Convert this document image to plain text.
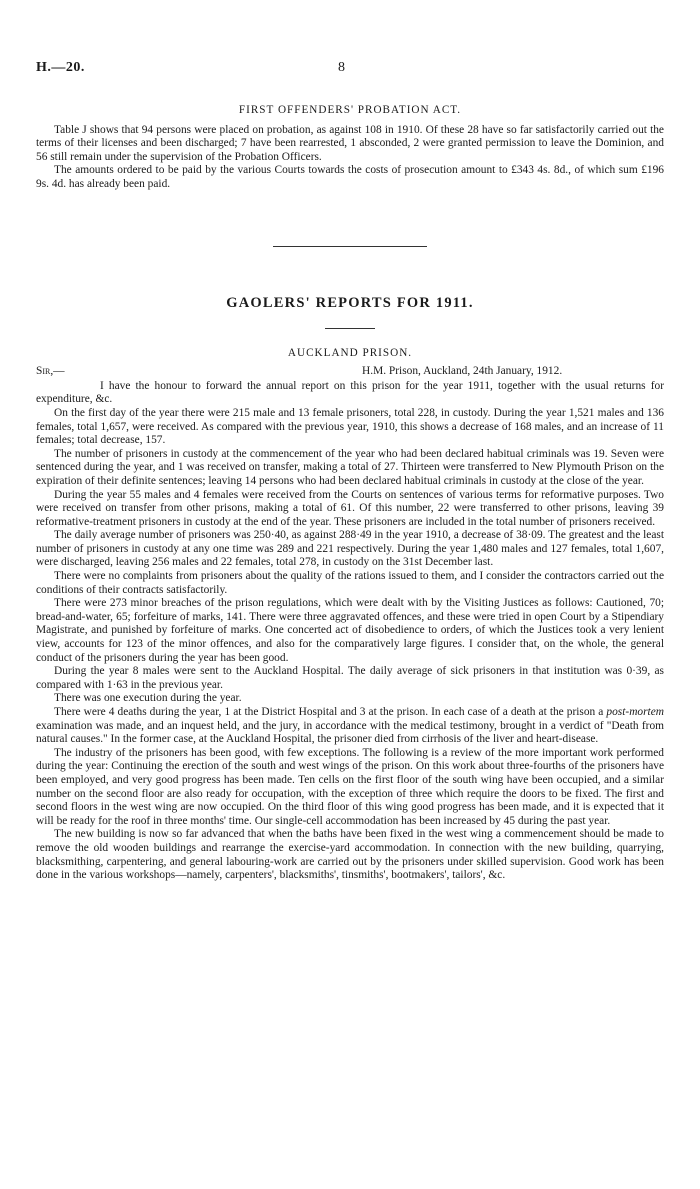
H.—20.	8
FIRST OFFENDERS' PROBATION ACT.

Table J shows that 94 persons were placed on probation, as against 108 in 1910. Of these 28 have so far satisfactorily carried out the terms of their licenses and been discharged; 7 have been rearrested, 1 absconded, 2 were granted permission to leave the Dominion, and 56 still remain under the supervision of the Probation Officers.

The amounts ordered to be paid by the various Courts towards the costs of prosecution amount to £343 4s. 8d., of which sum £196 9s. 4d. has already been paid.

GAOLERS' REPORTS FOR 1911.
AUCKLAND PRISON.
Sir,—	H.M. Prison, Auckland, 24th January, 1912.

I have the honour to forward the annual report on this prison for the year 1911, together with the usual returns for expenditure, &c.

On the first day of the year there were 215 male and 13 female prisoners, total 228, in custody. During the year 1,521 males and 136 females, total 1,657, were received. As compared with the previous year, 1910, this shows a decrease of 168 males, and an increase of 11 females; total decrease, 157.

The number of prisoners in custody at the commencement of the year who had been declared habitual criminals was 19. Seven were sentenced during the year, and 1 was received on transfer, making a total of 27. Thirteen were transferred to New Plymouth Prison on the expiration of their definite sentences; leaving 14 persons who had been declared habitual criminals in custody at the close of the year.

During the year 55 males and 4 females were received from the Courts on sentences of various terms for reformative purposes. Two were received on transfer from other prisons, making a total of 61. Of this number, 22 were transferred to other prisons, leaving 39 reformative-treatment prisoners in custody at the end of the year. These prisoners are included in the total number of prisoners received.

The daily average number of prisoners was 250·40, as against 288·49 in the year 1910, a decrease of 38·09. The greatest and the least number of prisoners in custody at any one time was 289 and 221 respectively. During the year 1,480 males and 127 females, total 1,607, were discharged, leaving 256 males and 22 females, total 278, in custody on the 31st December last.

There were no complaints from prisoners about the quality of the rations issued to them, and I consider the contractors carried out the conditions of their contracts satisfactorily.

There were 273 minor breaches of the prison regulations, which were dealt with by the Visiting Justices as follows: Cautioned, 70; bread-and-water, 65; forfeiture of marks, 141. There were three aggravated offences, and these were tried in open Court by a Stipendiary Magistrate, and punished by forfeiture of marks. One concerted act of disobedience to orders, of which the Justices took a very lenient view, accounts for 123 of the minor offences, and also for the comparatively large figures. I consider that, on the whole, the general conduct of the prisoners during the year has been good.

During the year 8 males were sent to the Auckland Hospital. The daily average of sick prisoners in that institution was 0·39, as compared with 1·63 in the previous year.

There was one execution during the year.

There were 4 deaths during the year, 1 at the District Hospital and 3 at the prison. In each case of a death at the prison a post-mortem examination was made, and an inquest held, and the jury, in accordance with the medical testimony, brought in a verdict of "Death from natural causes." In the former case, at the Auckland Hospital, the prisoner died from cirrhosis of the liver and heart-disease.

The industry of the prisoners has been good, with few exceptions. The following is a review of the more important work performed during the year: Continuing the erection of the south and west wings of the prison. On this work about three-fourths of the prisoners have been employed, and very good progress has been made. Ten cells on the first floor of the south wing have been occupied, and a similar number on the second floor are also ready for occupation, with the exception of three which require the doors to be fixed. The first and second floors in the west wing are now occupied. On the third floor of this wing good progress has been made, and it is expected that it will be ready for the roof in three months' time. Our single-cell accommodation has been increased by 45 during the past year.

The new building is now so far advanced that when the baths have been fixed in the west wing a commencement should be made to remove the old wooden buildings and rearrange the exercise-yard accommodation. In connection with the new building, quarrying, blacksmithing, carpentering, and general labouring-work are carried out by the prisoners under skilled supervision. Good work has been done in the various workshops—namely, carpenters', blacksmiths', tinsmiths', bootmakers', tailors', &c.
